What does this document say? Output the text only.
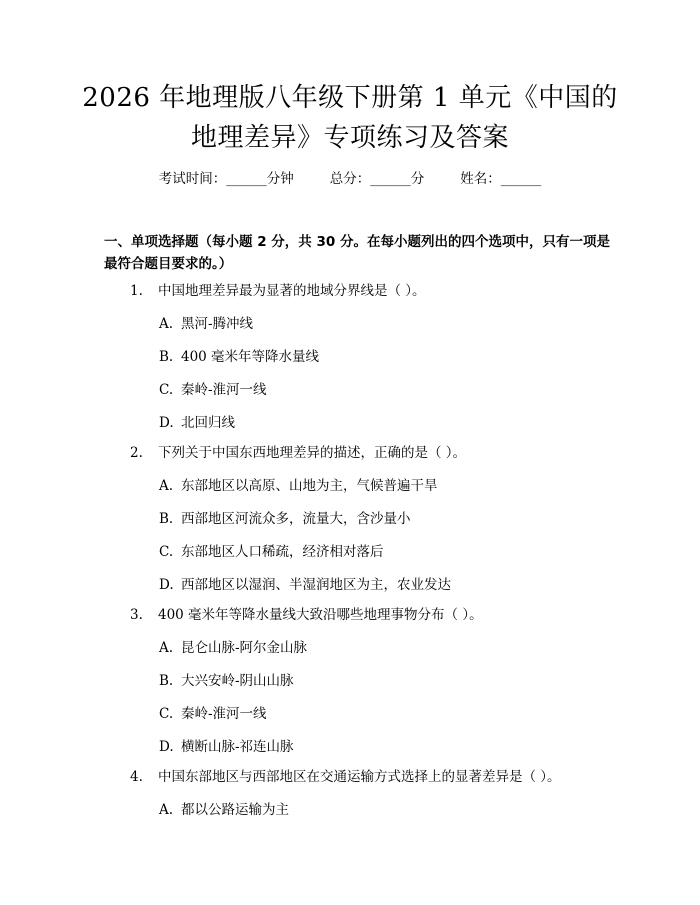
2026 年地理版八年级下册第 1 单元《中国的
地理差异》专项练习及答案
考试时间：______分钟	总分：______分	姓名：______
一、单项选择题（每小题 2 分，共 30 分。在每小题列出的四个选项中，只有一项是最符合题目要求的。）
1. 中国地理差异最为显著的地域分界线是（ ）。
A. 黑河-腾冲线
B. 400 毫米年等降水量线
C. 秦岭-淮河一线
D. 北回归线
2. 下列关于中国东西地理差异的描述，正确的是（ ）。
A. 东部地区以高原、山地为主，气候普遍干旱
B. 西部地区河流众多，流量大，含沙量小
C. 东部地区人口稀疏，经济相对落后
D. 西部地区以湿润、半湿润地区为主，农业发达
3. 400 毫米年等降水量线大致沿哪些地理事物分布（ ）。
A. 昆仑山脉-阿尔金山脉
B. 大兴安岭-阴山山脉
C. 秦岭-淮河一线
D. 横断山脉-祁连山脉
4. 中国东部地区与西部地区在交通运输方式选择上的显著差异是（ ）。
A. 都以公路运输为主
